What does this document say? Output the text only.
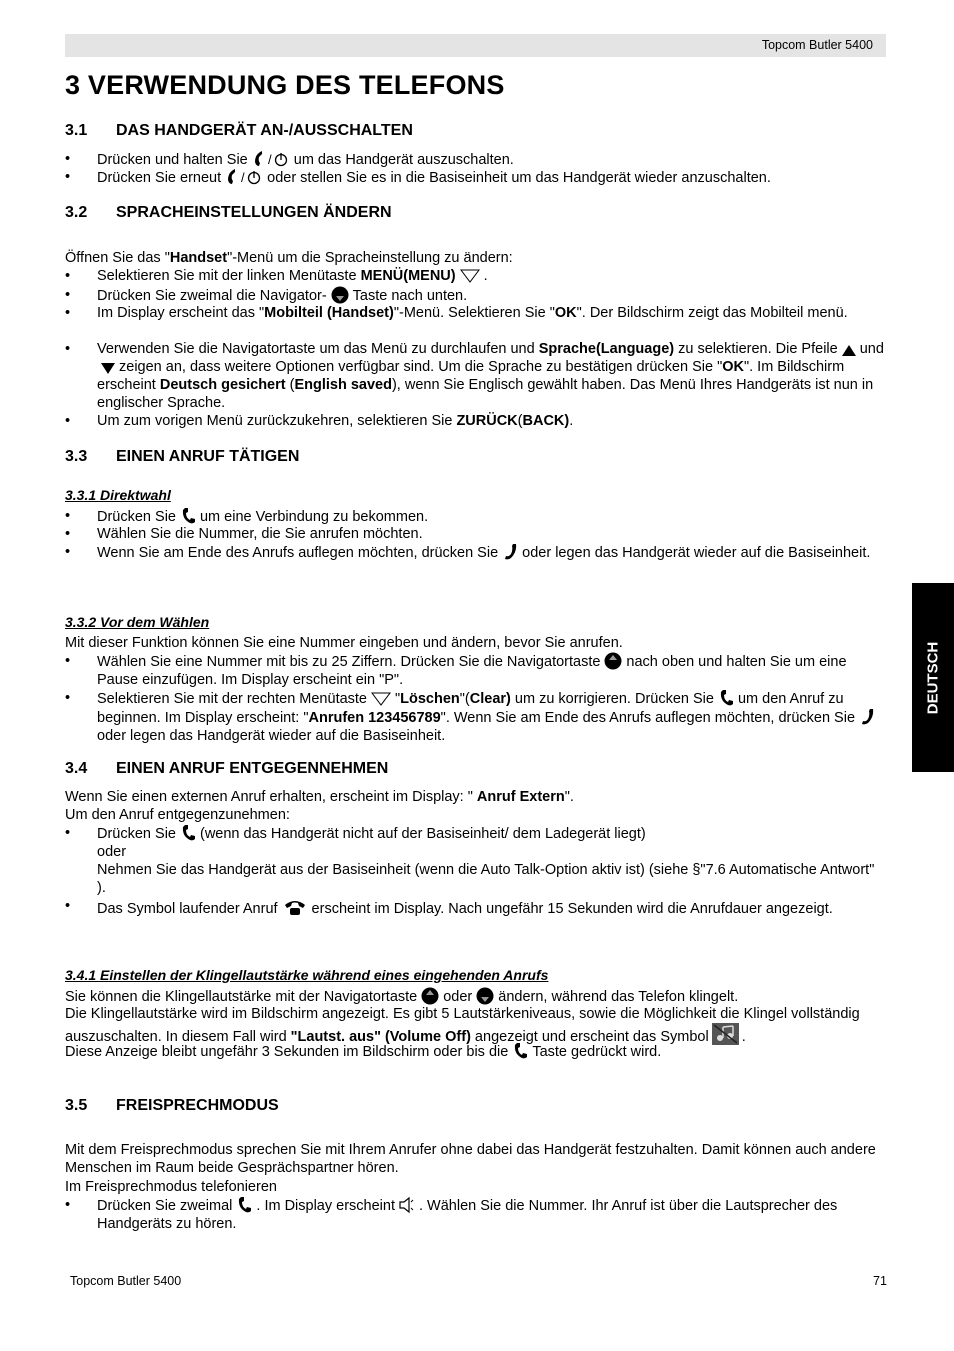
Topcom Butler 5400
3 VERWENDUNG DES TELEFONS
3.1 DAS HANDGERÄT AN-/AUSSCHALTEN

• Drücken und halten Sie / um das Handgerät auszuschalten.

• Drücken Sie erneut / oder stellen Sie es in die Basiseinheit um das Handgerät wieder anzuschalten.

3.2 SPRACHEINSTELLUNGEN ÄNDERN

Öffnen Sie das "Handset"-Menü um die Spracheinstellung zu ändern:

• Selektieren Sie mit der linken Menütaste MENÜ(MENU) .

• Drücken Sie zweimal die Navigator- Taste nach unten.

• Im Display erscheint das "Mobilteil (Handset)"-Menü. Selektieren Sie "OK". Der Bildschirm zeigt das Mobilteil menü.

• Verwenden Sie die Navigatortaste um das Menü zu durchlaufen und Sprache(Language) zu selektieren. Die Pfeile undzeigen an, dass weitere Optionen verfügbar sind. Um die Sprache zu bestätigen drücken Sie "OK". Im Bildschirm erscheint Deutsch gesichert (English saved), wenn Sie Englisch gewählt haben. Das Menü Ihres Handgeräts ist nun in englischer Sprache.

• Um zum vorigen Menü zurückzukehren, selektieren Sie ZURÜCK(BACK).

3.3 EINEN ANRUF TÄTIGEN
3.3.1 Direktwahl

• Drücken Sie um eine Verbindung zu bekommen.

• Wählen Sie die Nummer, die Sie anrufen möchten.

• Wenn Sie am Ende des Anrufs auflegen möchten, drücken Sie oder legen das Handgerät wieder auf die Basiseinheit.

3.3.2 Vor dem Wählen

Mit dieser Funktion können Sie eine Nummer eingeben und ändern, bevor Sie anrufen.

• Wählen Sie eine Nummer mit bis zu 25 Ziffern. Drücken Sie die Navigatortaste nach oben und halten Sie um eine Pause einzufügen. Im Display erscheint ein "P".

• Selektieren Sie mit der rechten Menütaste "Löschen"(Clear) um zu korrigieren. Drücken Sie um den Anruf zu beginnen. Im Display erscheint: "Anrufen 123456789". Wenn Sie am Ende des Anrufs auflegen möchten, drücken Sieoder legen das Handgerät wieder auf die Basiseinheit.

3.4 EINEN ANRUF ENTGEGENNEHMEN

Wenn Sie einen externen Anruf erhalten, erscheint im Display: " Anruf Extern".

Um den Anruf entgegenzunehmen:

• Drücken Sie (wenn das Handgerät nicht auf der Basiseinheit/ dem Ladegerät liegt)

oder

Nehmen Sie das Handgerät aus der Basiseinheit (wenn die Auto Talk-Option aktiv ist) (siehe §"7.6 Automatische Antwort" ).

• Das Symbol laufender Anruf erscheint im Display. Nach ungefähr 15 Sekunden wird die Anrufdauer angezeigt.

3.4.1 Einstellen der Klingellautstärke während eines eingehenden Anrufs

Sie können die Klingellautstärke mit der Navigatortaste oder ändern, während das Telefon klingelt.

Die Klingellautstärke wird im Bildschirm angezeigt. Es gibt 5 Lautstärkeniveaus, sowie die Möglichkeit die Klingel vollständig auszuschalten. In diesem Fall wird "Lautst. aus" (Volume Off) angezeigt und erscheint das Symbol .

Diese Anzeige bleibt ungefähr 3 Sekunden im Bildschirm oder bis die Taste gedrückt wird.

3.5 FREISPRECHMODUS

Mit dem Freisprechmodus sprechen Sie mit Ihrem Anrufer ohne dabei das Handgerät festzuhalten. Damit können auch andere Menschen im Raum beide Gesprächspartner hören.

Im Freisprechmodus telefonieren

• Drücken Sie zweimal . Im Display erscheint . Wählen Sie die Nummer. Ihr Anruf ist über die Lautsprecher des Handgeräts zu hören.

DEUTSCH
Topcom Butler 5400	71
